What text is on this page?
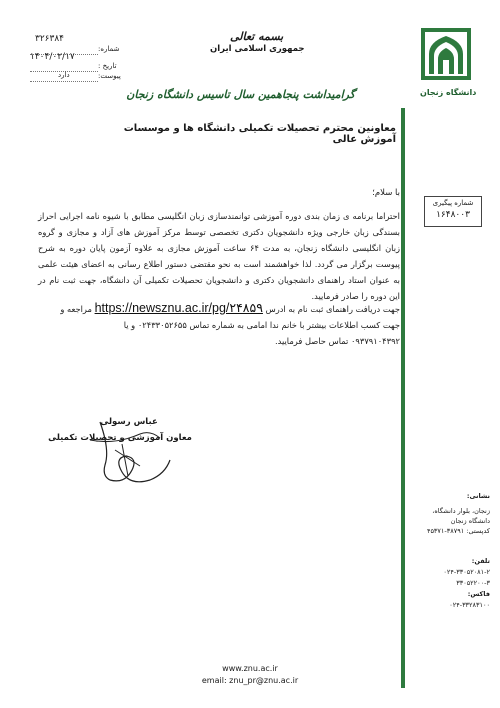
۳۲۶۳۸۴
شماره:
۱۴۰۴/۰۲/۱۷
تاریخ :
دارد	پیوست:
بسمه تعالی
جمهوری اسلامی ایران
گرامیداشت پنجاهمین سال تاسیس دانشگاه زنجان	دانشگاه زنجان
معاونین محترم تحصیلات تکمیلی دانشگاه ها و موسسات آموزش عالی
شماره پیگیری
۱۶۴۸۰۰۳
با سلام؛
احتراما برنامه ی زمان بندی دوره آموزشی توانمندسازی زبان انگلیسی مطابق با شیوه نامه اجرایی احراز بسندگی زبان خارجی ویژه دانشجویان دکتری تخصصی توسط مرکز آموزش های آزاد و مجازی و گروه زبان انگلیسی دانشگاه زنجان، به مدت ۶۴ ساعت آموزش مجازی به علاوه آزمون پایان دوره به شرح پیوست برگزار می گردد. لذا خواهشمند است به نحو مقتضی دستور اطلاع رسانی به اعضای هیئت علمی به عنوان استاد راهنمای دانشجویان دکتری و دانشجویان تحصیلات تکمیلی آن دانشگاه، جهت ثبت نام در این دوره را صادر فرمایید.
جهت دریافت راهنمای ثبت نام به ادرس https://newsznu.ac.ir/pg/۲۴۸۵۹ مراجعه و
جهت کسب اطلاعات بیشتر با خانم ندا امامی به شماره تماس ۰۲۴۳۳۰۵۲۶۵۵ و یا
۰۹۳۷۹۱۰۴۳۹۲ تماس حاصل فرمایید.
عباس رسولی
معاون آموزشی و تحصیلات تکمیلی
نشانی:
زنجان، بلوار دانشگاه،
دانشگاه زنجان
کدپستی: ۳۸۷۹۱-۴۵۳۷۱
تلفن:
۰۲۴-۳۳۰۵۲۰۸۱-۲
۳۳۰۵۲۲۰۰-۳
فاکس:
۰۲۴-۳۳۲۸۳۱۰۰
www.znu.ac.ir
email: znu_pr@znu.ac.ir
